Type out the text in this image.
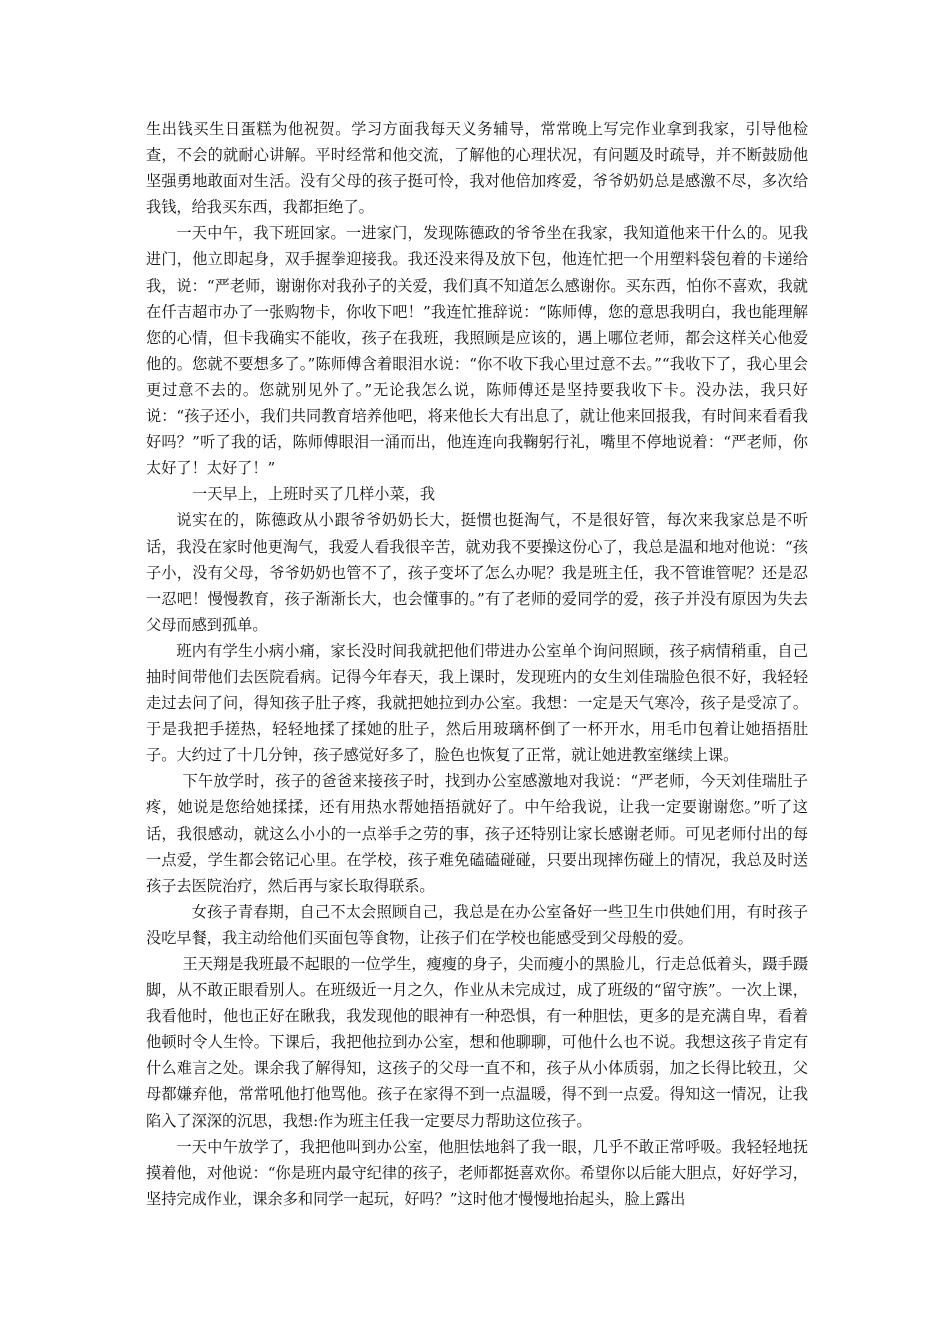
生出钱买生日蛋糕为他祝贺。学习方面我每天义务辅导，常常晚上写完作业拿到我家，引导他检查，不会的就耐心讲解。平时经常和他交流，了解他的心理状况，有问题及时疏导，并不断鼓励他坚强勇地敢面对生活。没有父母的孩子挺可怜，我对他倍加疼爱，爷爷奶奶总是感激不尽，多次给我钱，给我买东西，我都拒绝了。

一天中午，我下班回家。一进家门，发现陈德政的爷爷坐在我家，我知道他来干什么的。见我进门，他立即起身，双手握拳迎接我。我还没来得及放下包，他连忙把一个用塑料袋包着的卡递给我，说：“严老师，谢谢你对我孙子的关爱，我们真不知道怎么感谢你。买东西，怕你不喜欢，我就在仟吉超市办了一张购物卡，你收下吧！”我连忙推辞说：“陈师傅，您的意思我明白，我也能理解您的心情，但卡我确实不能收，孩子在我班，我照顾是应该的，遇上哪位老师，都会这样关心他爱他的。您就不要想多了。”陈师傅含着眼泪水说：“你不收下我心里过意不去。”“我收下了，我心里会更过意不去的。您就别见外了。”无论我怎么说，陈师傅还是坚持要我收下卡。没办法，我只好说：“孩子还小，我们共同教育培养他吧，将来他长大有出息了，就让他来回报我，有时间来看看我好吗？”听了我的话，陈师傅眼泪一涌而出，他连连向我鞠躬行礼，嘴里不停地说着：“严老师，你太好了！太好了！”

一天早上，上班时买了几样小菜，我

说实在的，陈德政从小跟爷爷奶奶长大，挺惯也挺淘气，不是很好管，每次来我家总是不听话，我没在家时他更淘气，我爱人看我很辛苦，就劝我不要操这份心了，我总是温和地对他说：“孩子小，没有父母，爷爷奶奶也管不了，孩子变坏了怎么办呢？我是班主任，我不管谁管呢？还是忍一忍吧！慢慢教育，孩子渐渐长大，也会懂事的。”有了老师的爱同学的爱，孩子并没有原因为失去父母而感到孤单。

班内有学生小病小痛，家长没时间我就把他们带进办公室单个询问照顾，孩子病情稍重，自己抽时间带他们去医院看病。记得今年春天，我上课时，发现班内的女生刘佳瑞脸色很不好，我轻轻走过去问了问，得知孩子肚子疼，我就把她拉到办公室。我想：一定是天气寒冷，孩子是受凉了。于是我把手搓热，轻轻地揉了揉她的肚子，然后用玻璃杯倒了一杯开水，用毛巾包着让她捂捂肚子。大约过了十几分钟，孩子感觉好多了，脸色也恢复了正常，就让她进教室继续上课。

下午放学时，孩子的爸爸来接孩子时，找到办公室感激地对我说：“严老师，今天刘佳瑞肚子疼，她说是您给她揉揉，还有用热水帮她捂捂就好了。中午给我说，让我一定要谢谢您。”听了这话，我很感动，就这么小小的一点举手之劳的事，孩子还特别让家长感谢老师。可见老师付出的每一点爱，学生都会铭记心里。在学校，孩子难免磕磕碰碰，只要出现摔伤碰上的情况，我总及时送孩子去医院治疗，然后再与家长取得联系。

女孩子青春期，自己不太会照顾自己，我总是在办公室备好一些卫生巾供她们用，有时孩子没吃早餐，我主动给他们买面包等食物，让孩子们在学校也能感受到父母般的爱。

王天翔是我班最不起眼的一位学生，瘦瘦的身子，尖而瘦小的黑脸儿，行走总低着头，蹑手蹑脚，从不敢正眼看别人。在班级近一月之久，作业从未完成过，成了班级的“留守族”。一次上课，我看他时，他也正好在瞅我，我发现他的眼神有一种恐惧，有一种胆怯，更多的是充满自卑，看着他顿时令人生怜。下课后，我把他拉到办公室，想和他聊聊，可他什么也不说。我想这孩子肯定有什么难言之处。课余我了解得知，这孩子的父母一直不和，孩子从小体质弱，加之长得比较丑，父母都嫌弃他，常常吼他打他骂他。孩子在家得不到一点温暖，得不到一点爱。得知这一情况，让我陷入了深深的沉思，我想:作为班主任我一定要尽力帮助这位孩子。

一天中午放学了，我把他叫到办公室，他胆怯地斜了我一眼，几乎不敢正常呼吸。我轻轻地抚摸着他，对他说：“你是班内最守纪律的孩子，老师都挺喜欢你。希望你以后能大胆点，好好学习，坚持完成作业，课余多和同学一起玩，好吗？”这时他才慢慢地抬起头，脸上露出
